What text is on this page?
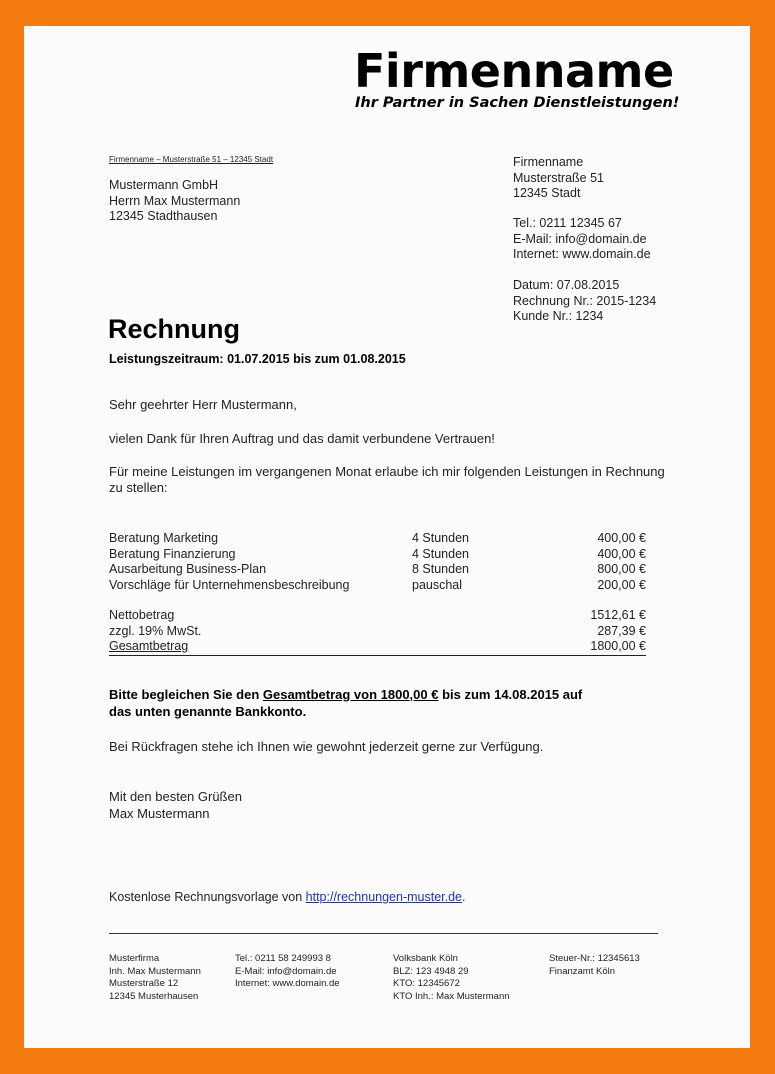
Firmenname
Ihr Partner in Sachen Dienstleistungen!
Firmenname – Musterstraße 51 – 12345 Stadt
Mustermann GmbH
Herrn Max Mustermann
12345 Stadthausen
Firmenname
Musterstraße 51
12345 Stadt
Tel.: 0211 12345 67
E-Mail: info@domain.de
Internet: www.domain.de
Datum: 07.08.2015
Rechnung Nr.: 2015-1234
Kunde Nr.: 1234
Rechnung
Leistungszeitraum: 01.07.2015 bis zum 01.08.2015
Sehr geehrter Herr Mustermann,
vielen Dank für Ihren Auftrag und das damit verbundene Vertrauen!
Für meine Leistungen im vergangenen Monat erlaube ich mir folgenden Leistungen in Rechnung zu stellen:
Beratung Marketing	4 Stunden	400,00 €
Beratung Finanzierung	4 Stunden	400,00 €
Ausarbeitung Business-Plan	8 Stunden	800,00 €
Vorschläge für Unternehmensbeschreibung	pauschal	200,00 €
Nettobetrag	1512,61 €
zzgl. 19% MwSt.	287,39 €
Gesamtbetrag	1800,00 €
Bitte begleichen Sie den Gesamtbetrag von 1800,00 € bis zum 14.08.2015 auf
das unten genannte Bankkonto.
Bei Rückfragen stehe ich Ihnen wie gewohnt jederzeit gerne zur Verfügung.
Mit den besten Grüßen
Max Mustermann
Kostenlose Rechnungsvorlage von http://rechnungen-muster.de.
Musterfirma
Inh. Max Mustermann
Musterstraße 12
12345 Musterhausen
Tel.: 0211 58 249993 8
E-Mail: info@domain.de
Internet: www.domain.de
Volksbank Köln
BLZ: 123 4948 29
KTO: 12345672
KTO Inh.: Max Mustermann
Steuer-Nr.: 12345613
Finanzamt Köln
